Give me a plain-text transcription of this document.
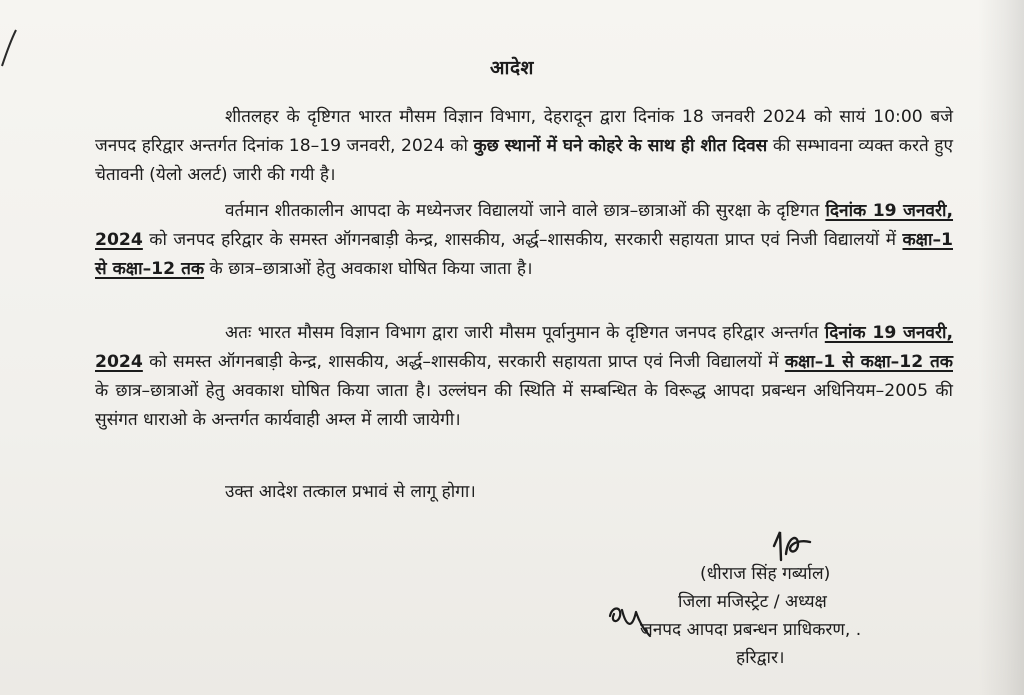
आदेश

शीतलहर के दृष्टिगत भारत मौसम विज्ञान विभाग, देहरादून द्वारा दिनांक 18 जनवरी 2024 को सायं 10:00 बजे जनपद हरिद्वार अन्तर्गत दिनांक 18–19 जनवरी, 2024 को कुछ स्थानों में घने कोहरे के साथ ही शीत दिवस की सम्भावना व्यक्त करते हुए चेतावनी (येलो अलर्ट) जारी की गयी है।

वर्तमान शीतकालीन आपदा के मध्येनजर विद्यालयों जाने वाले छात्र–छात्राओं की सुरक्षा के दृष्टिगत दिनांक 19 जनवरी, 2024 को जनपद हरिद्वार के समस्त ऑगनबाड़ी केन्द्र, शासकीय, अर्द्ध–शासकीय, सरकारी सहायता प्राप्त एवं निजी विद्यालयों में कक्षा–1 से कक्षा–12 तक के छात्र–छात्राओं हेतु अवकाश घोषित किया जाता है।

अतः भारत मौसम विज्ञान विभाग द्वारा जारी मौसम पूर्वानुमान के दृष्टिगत जनपद हरिद्वार अन्तर्गत दिनांक 19 जनवरी, 2024 को समस्त ऑगनबाड़ी केन्द्र, शासकीय, अर्द्ध–शासकीय, सरकारी सहायता प्राप्त एवं निजी विद्यालयों में कक्षा–1 से कक्षा–12 तक के छात्र–छात्राओं हेतु अवकाश घोषित किया जाता है। उल्लंघन की स्थिति में सम्बन्धित के विरूद्ध आपदा प्रबन्धन अधिनियम–2005 की सुसंगत धाराओ के अन्तर्गत कार्यवाही अम्ल में लायी जायेगी।

उक्त आदेश तत्काल प्रभावं से लागू होगा।
(धीराज सिंह गर्ब्याल)
जिला मजिस्ट्रेट / अध्यक्ष
जनपद आपदा प्रबन्धन प्राधिकरण, .
हरिद्वार।
